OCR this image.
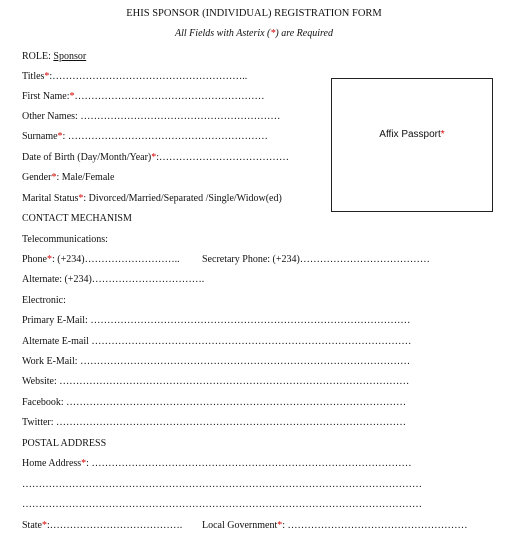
EHIS SPONSOR (INDIVIDUAL) REGISTRATION FORM
All Fields with Asterix (*) are Required
ROLE: Sponsor
Titles*:…………………………………………………..
First Name:*…………………………………………………
Other Names: ……………………………………………………
Surname*: ……………………………………………………
Date of Birth (Day/Month/Year)*:…………………………………
Gender*: Male/Female
Marital Status*: Divorced/Married/Separated /Single/Widow(ed)
Affix Passport*
CONTACT MECHANISM
Telecommunications:
Phone*: (+234)……………………….. Secretary Phone: (+234)…………………………………
Alternate: (+234)…………………………….
Electronic:
Primary E-Mail: ……………………………………………………………………………………
Alternate E-mail ……………………………………………………………………………………
Work E-Mail: ………………………………………………………………………………………
Website: ……………………………………………………………………………………………
Facebook: …………………………………………………………………………………………
Twitter: ……………………………………………………………………………………………
POSTAL ADDRESS
Home Address*: ……………………………………………………………………………………
…………………………………………………………………………………………………………
…………………………………………………………………………………………………………
State*:…………………………………. Local Government*: ………………………………………………
